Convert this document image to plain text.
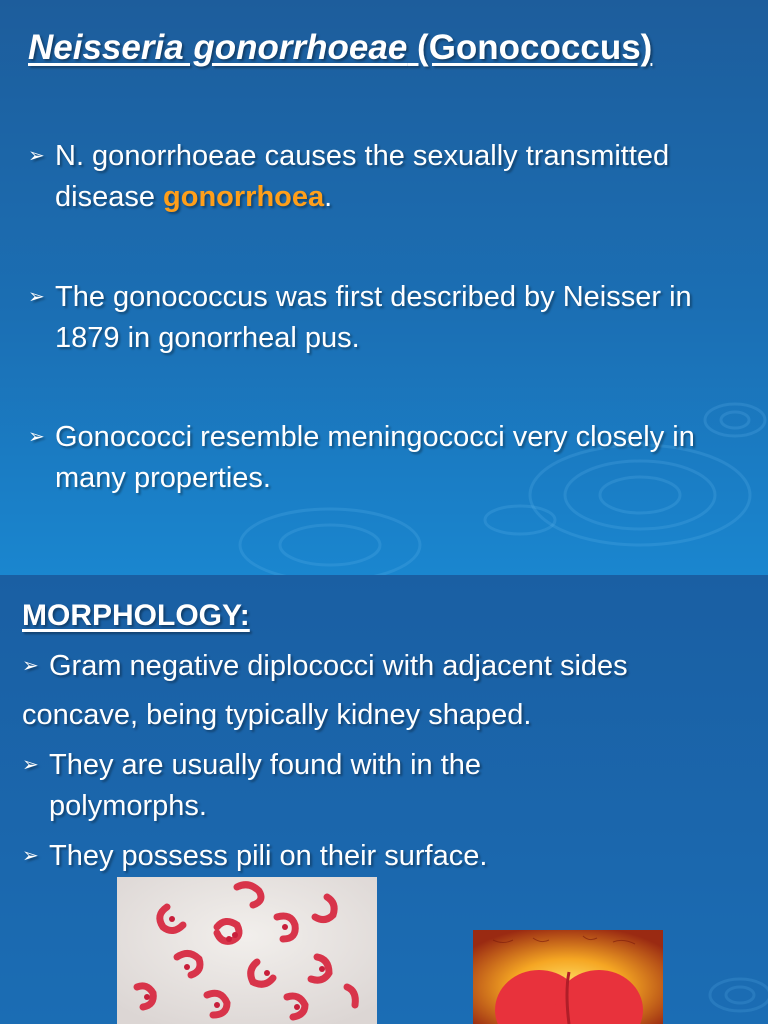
Neisseria gonorrhoeae (Gonococcus)
➢ N. gonorrhoeae causes the sexually transmitted disease gonorrhoea.
➢ The gonococcus was first described by Neisser in 1879 in gonorrheal pus.
➢ Gonococci resemble meningococci very closely in many properties.
MORPHOLOGY:
➢ Gram negative diplococci with adjacent sides
concave, being typically kidney shaped.
➢ They are usually found with in the polymorphs.
➢ They possess pili on their surface.
